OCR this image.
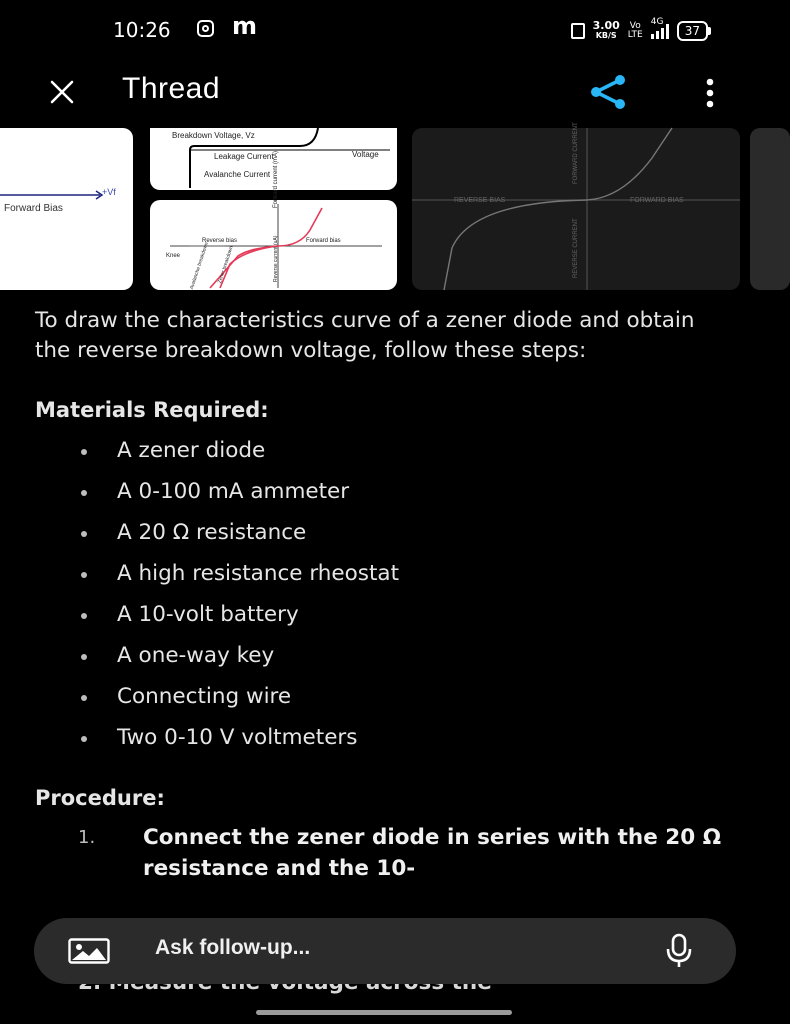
10:26	m	3.00
KB/S
Vo
LTE
4G
37
Thread
+Vf
Forward Bias
Breakdown Voltage, Vz
Leakage Current	Voltage
Avalanche Current
Reverse bias	Forward bias
Knee
Forward current (mA)
Reverse current (uA)
Avalanche breakdown	Zener breakdown
REVERSE BIAS	FORWARD BIAS
FORWARD CURRENT
REVERSE CURRENT

To draw the characteristics curve of a zener diode and obtain the reverse breakdown voltage, follow these steps:

Materials Required:
A zener diode
A 0-100 mA ammeter
A 20 Ω resistance
A high resistance rheostat
A 10-volt battery
A one-way key
Connecting wire
Two 0-10 V voltmeters
Procedure:
1. Connect the zener diode in series with the 20 Ω resistance and the 10-
Ask follow-up...
